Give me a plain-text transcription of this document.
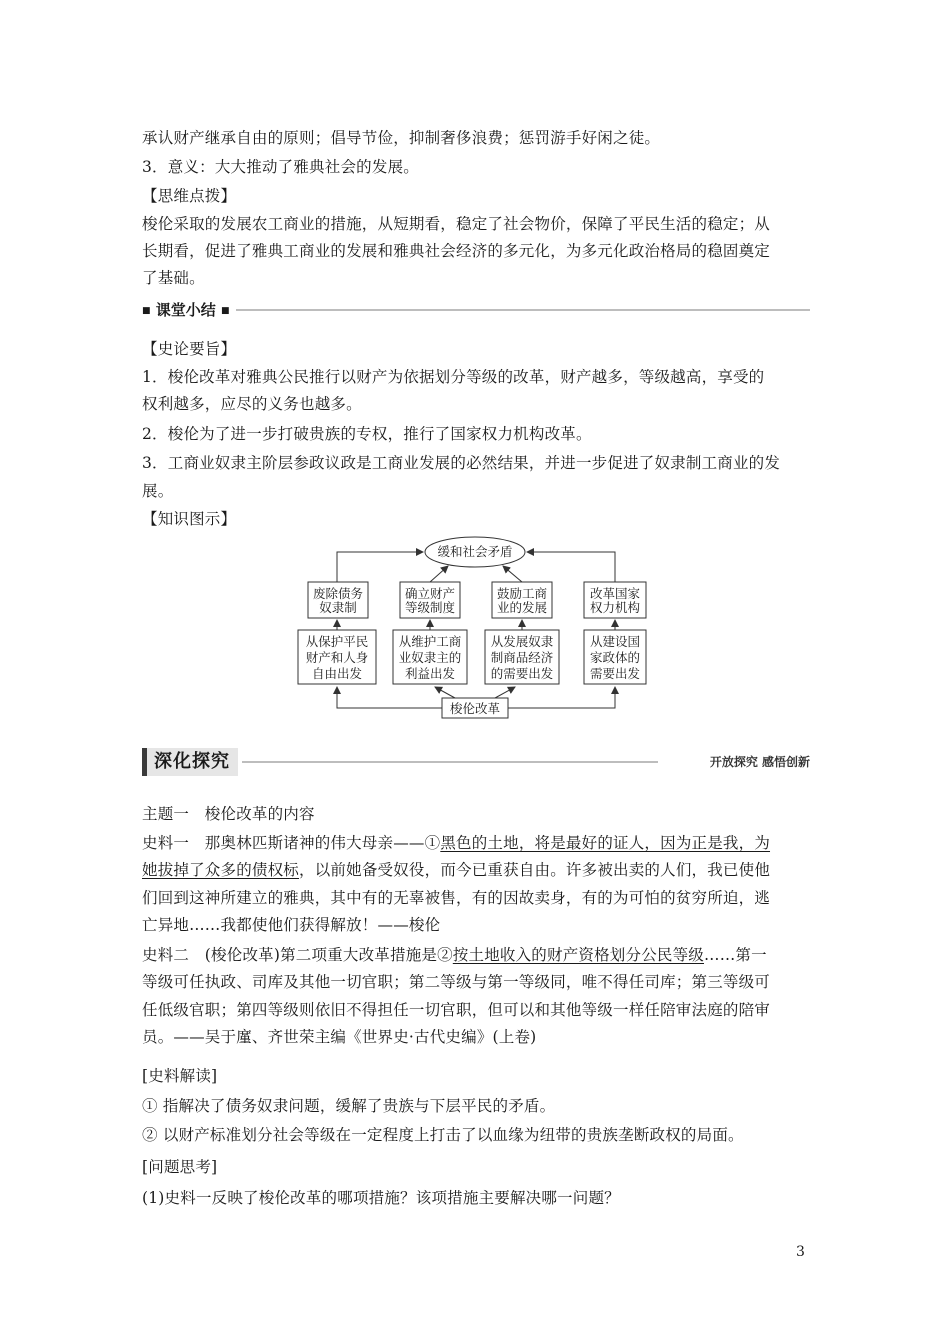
承认财产继承自由的原则；倡导节俭，抑制奢侈浪费；惩罚游手好闲之徒。
3．意义：大大推动了雅典社会的发展。
【思维点拨】
梭伦采取的发展农工商业的措施，从短期看，稳定了社会物价，保障了平民生活的稳定；从
长期看，促进了雅典工商业的发展和雅典社会经济的多元化，为多元化政治格局的稳固奠定
了基础。
■ 课堂小结 ■
【史论要旨】
1．梭伦改革对雅典公民推行以财产为依据划分等级的改革，财产越多，等级越高，享受的
权利越多，应尽的义务也越多。
2．梭伦为了进一步打破贵族的专权，推行了国家权力机构改革。
3．工商业奴隶主阶层参政议政是工商业发展的必然结果，并进一步促进了奴隶制工商业的发
展。
【知识图示】
缓和社会矛盾
废除债务
奴隶制
确立财产
等级制度
鼓励工商
业的发展
改革国家
权力机构
从保护平民
财产和人身
自由出发
从维护工商
业奴隶主的
利益出发
从发展奴隶
制商品经济
的需要出发
从建设国
家政体的
需要出发
梭伦改革
深化探究	开放探究 感悟创新
主题一　梭伦改革的内容
史料一　那奥林匹斯诸神的伟大母亲——①黑色的土地，将是最好的证人，因为正是我，为
她拔掉了众多的债权标，以前她备受奴役，而今已重获自由。许多被出卖的人们，我已使他
们回到这神所建立的雅典，其中有的无辜被售，有的因故卖身，有的为可怕的贫穷所迫，逃
亡异地……我都使他们获得解放！——梭伦
史料二　(梭伦改革)第二项重大改革措施是②按土地收入的财产资格划分公民等级……第一
等级可任执政、司库及其他一切官职；第二等级与第一等级同，唯不得任司库；第三等级可
任低级官职；第四等级则依旧不得担任一切官职，但可以和其他等级一样任陪审法庭的陪审
员。——吴于廑、齐世荣主编《世界史·古代史编》(上卷)
[史料解读]
① 指解决了债务奴隶问题，缓解了贵族与下层平民的矛盾。
② 以财产标准划分社会等级在一定程度上打击了以血缘为纽带的贵族垄断政权的局面。
[问题思考]
(1)史料一反映了梭伦改革的哪项措施？该项措施主要解决哪一问题？
3
